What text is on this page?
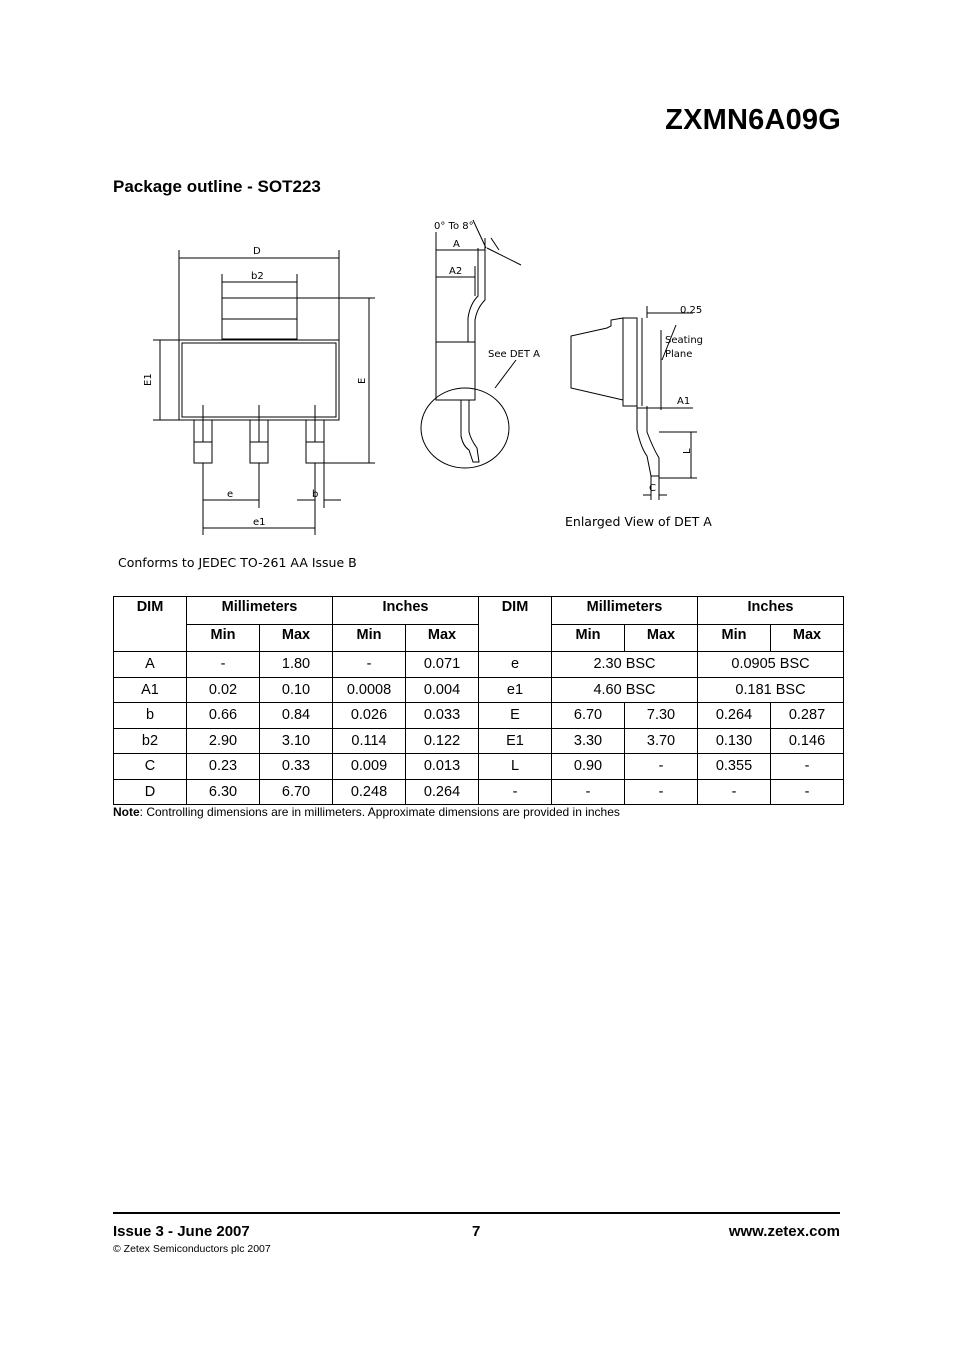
ZXMN6A09G
Package outline - SOT223
D
b2
E1	E
e	b
e1
0° To 8°
A
A2
See DET A
0.25
Seating
Plane
A1
L
C
Enlarged View of DET A
Conforms to JEDEC TO-261 AA Issue B
DIM	Millimeters		Inches		DIM	Millimeters		Inches	
	Min	Max	Min	Max		Min	Max	Min	Max
A	-	1.80	-	0.071	e	2.30 BSC		0.0905 BSC	
A1	0.02	0.10	0.0008	0.004	e1	4.60 BSC		0.181 BSC	
b	0.66	0.84	0.026	0.033	E	6.70	7.30	0.264	0.287
b2	2.90	3.10	0.114	0.122	E1	3.30	3.70	0.130	0.146
C	0.23	0.33	0.009	0.013	L	0.90	-	0.355	-
D	6.30	6.70	0.248	0.264	-	-	-	-	-
Note: Controlling dimensions are in millimeters. Approximate dimensions are provided in inches
Issue 3 - June 2007	7	www.zetex.com
© Zetex Semiconductors plc 2007
